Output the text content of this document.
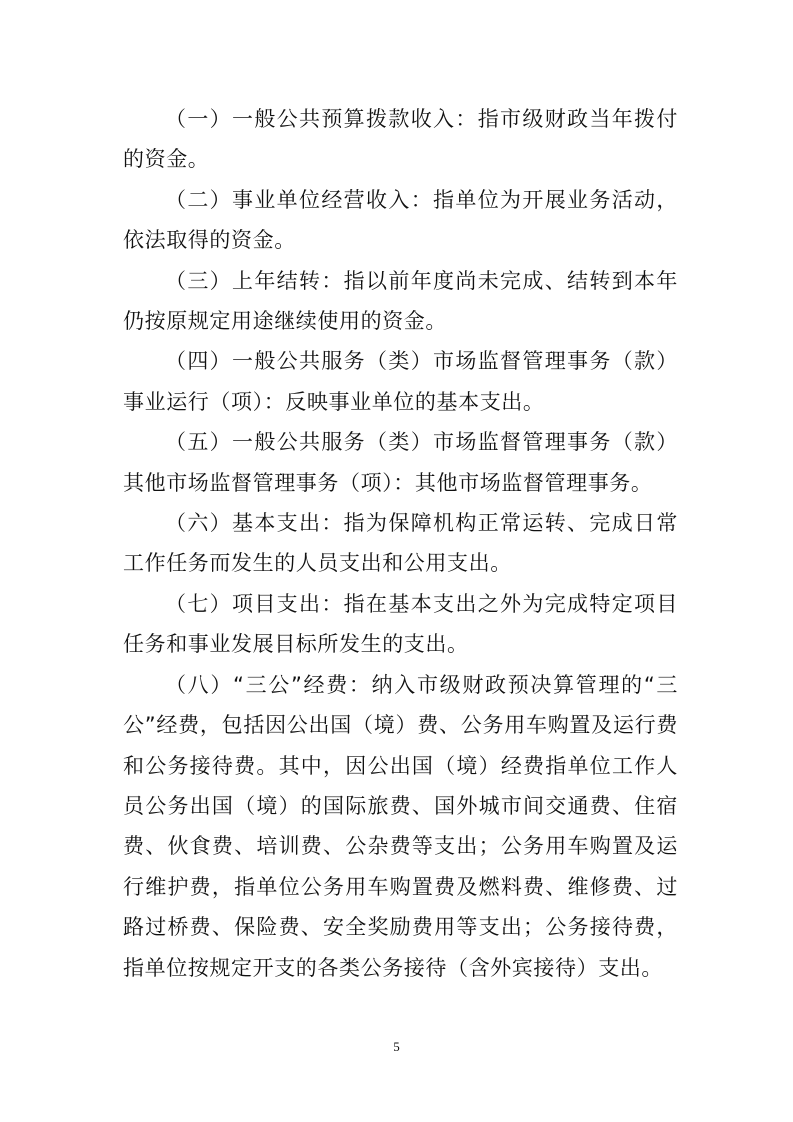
（一）一般公共预算拨款收入：指市级财政当年拨付的资金。

（二）事业单位经营收入：指单位为开展业务活动，依法取得的资金。

（三）上年结转：指以前年度尚未完成、结转到本年仍按原规定用途继续使用的资金。

（四）一般公共服务（类）市场监督管理事务（款）事业运行（项）：反映事业单位的基本支出。

（五）一般公共服务（类）市场监督管理事务（款）其他市场监督管理事务（项）：其他市场监督管理事务。

（六）基本支出：指为保障机构正常运转、完成日常工作任务而发生的人员支出和公用支出。

（七）项目支出：指在基本支出之外为完成特定项目任务和事业发展目标所发生的支出。

（八）“三公”经费：纳入市级财政预决算管理的“三公”经费，包括因公出国（境）费、公务用车购置及运行费和公务接待费。其中，因公出国（境）经费指单位工作人员公务出国（境）的国际旅费、国外城市间交通费、住宿费、伙食费、培训费、公杂费等支出；公务用车购置及运行维护费，指单位公务用车购置费及燃料费、维修费、过路过桥费、保险费、安全奖励费用等支出；公务接待费，指单位按规定开支的各类公务接待（含外宾接待）支出。

5
